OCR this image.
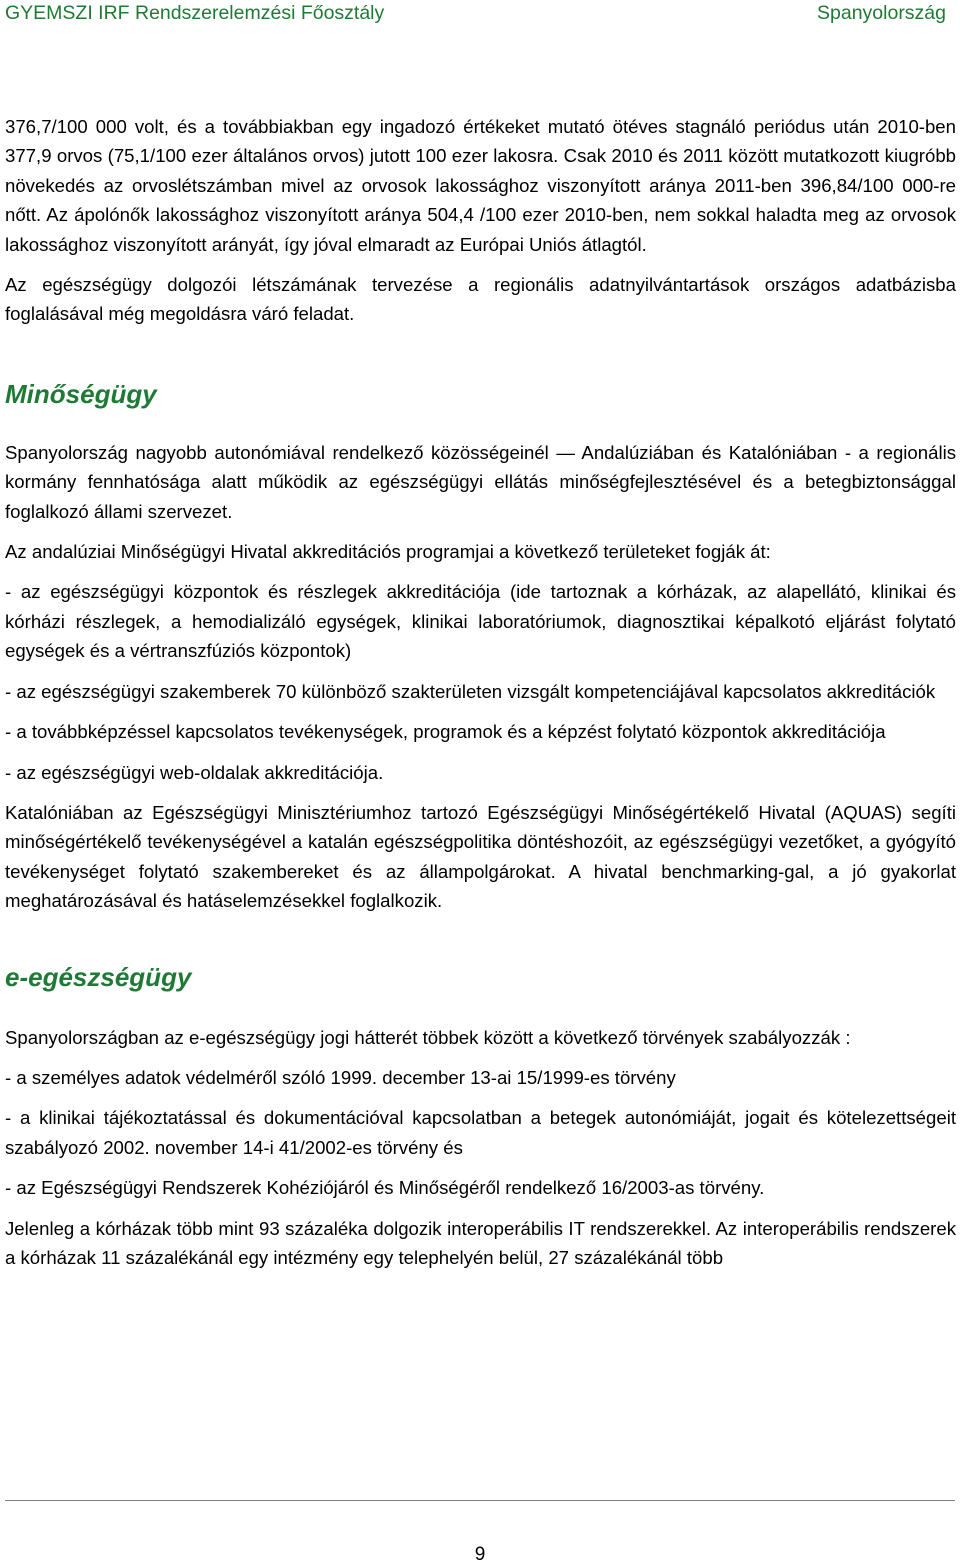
GYEMSZI IRF Rendszerelemzési Főosztály	Spanyolország

376,7/100 000 volt, és a továbbiakban egy ingadozó értékeket mutató ötéves stagnáló periódus után 2010-ben 377,9 orvos (75,1/100 ezer általános orvos) jutott 100 ezer lakosra. Csak 2010 és 2011 között mutatkozott kiugróbb növekedés az orvoslétszámban mivel az orvosok lakossághoz viszonyított aránya 2011-ben 396,84/100 000-re nőtt. Az ápolónők lakossághoz viszonyított aránya 504,4 /100 ezer 2010-ben, nem sokkal haladta meg az orvosok lakossághoz viszonyított arányát, így jóval elmaradt az Európai Uniós átlagtól.

Az egészségügy dolgozói létszámának tervezése a regionális adatnyilvántartások országos adatbázisba foglalásával még megoldásra váró feladat.

Minőségügy

Spanyolország nagyobb autonómiával rendelkező közösségeinél ― Andalúziában és Katalóniában - a regionális kormány fennhatósága alatt működik az egészségügyi ellátás minőségfejlesztésével és a betegbiztonsággal foglalkozó állami szervezet.

Az andalúziai Minőségügyi Hivatal akkreditációs programjai a következő területeket fogják át:

- az egészségügyi központok és részlegek akkreditációja (ide tartoznak a kórházak, az alapellátó, klinikai és kórházi részlegek, a hemodializáló egységek, klinikai laboratóriumok, diagnosztikai képalkotó eljárást folytató egységek és a vértranszfúziós központok)

- az egészségügyi szakemberek 70 különböző szakterületen vizsgált kompetenciájával kapcsolatos akkreditációk

- a továbbképzéssel kapcsolatos tevékenységek, programok és a képzést folytató központok akkreditációja

- az egészségügyi web-oldalak akkreditációja.

Katalóniában az Egészségügyi Minisztériumhoz tartozó Egészségügyi Minőségértékelő Hivatal (AQUAS) segíti minőségértékelő tevékenységével a katalán egészségpolitika döntéshozóit, az egészségügyi vezetőket, a gyógyító tevékenységet folytató szakembereket és az állampolgárokat. A hivatal benchmarking-gal, a jó gyakorlat meghatározásával és hatáselemzésekkel foglalkozik.

e-egészségügy

Spanyolországban az e-egészségügy jogi hátterét többek között a következő törvények szabályozzák :

- a személyes adatok védelméről szóló 1999. december 13-ai 15/1999-es törvény

- a klinikai tájékoztatással és dokumentációval kapcsolatban a betegek autonómiáját, jogait és kötelezettségeit szabályozó 2002. november 14-i 41/2002-es törvény és

- az Egészségügyi Rendszerek Kohéziójáról és Minőségéről rendelkező 16/2003-as törvény.

Jelenleg a kórházak több mint 93 százaléka dolgozik interoperábilis IT rendszerekkel. Az interoperábilis rendszerek a kórházak 11 százalékánál egy intézmény egy telephelyén belül, 27 százalékánál több

9
